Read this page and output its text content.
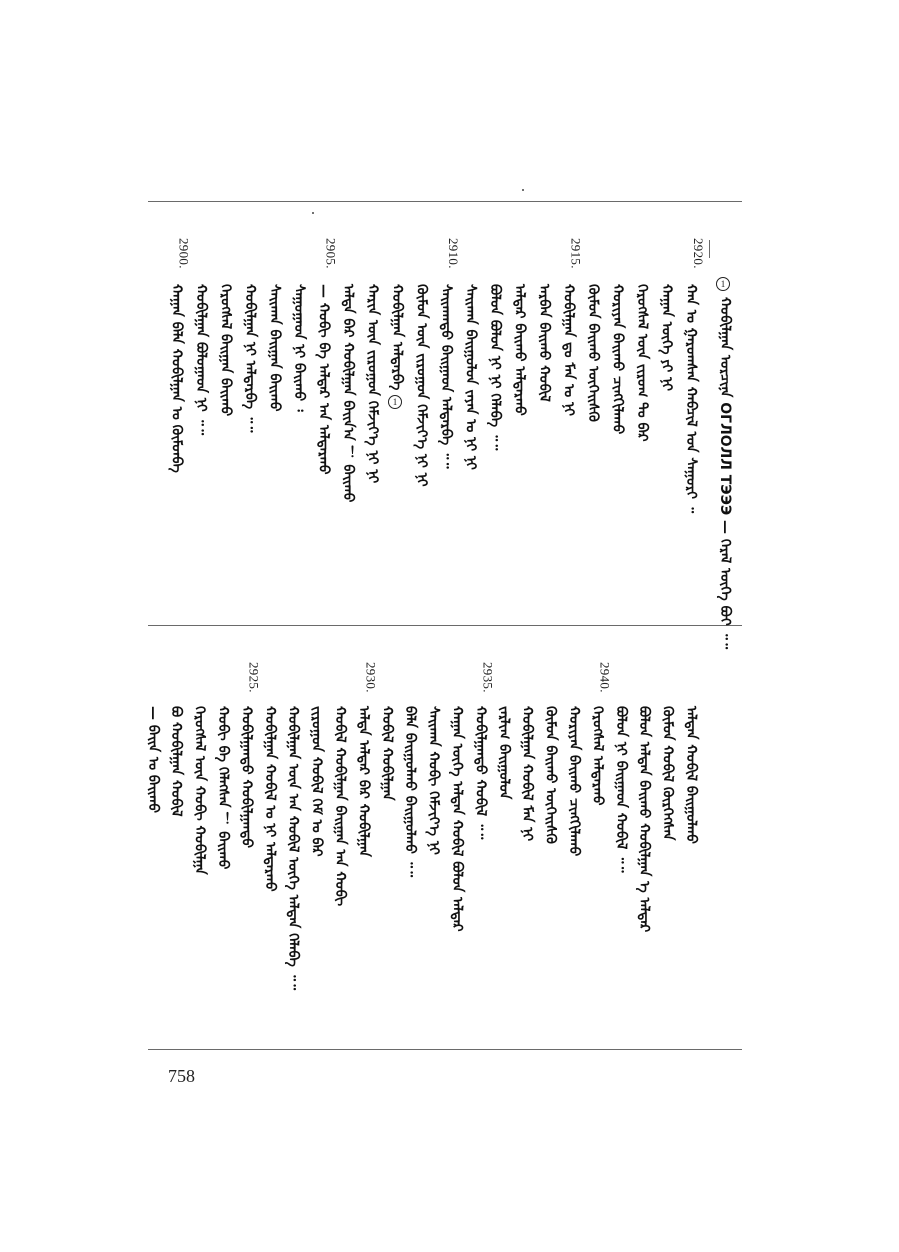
1
ᠬᠤᠪᠢᠯᠭᠠᠨ ᠣᠷᠴᠢᠨᠠ ОГЛОЛЛ ТЭЭЭ — ᠭᠡᠷᠡᠯ ᠦᠭᠡ ᠪᠤᠢ ᠃᠃
2920.
ᠬᠠᠨ ᠤ ᠭᠠᠷᠤᠭᠰᠠᠨ ᠬᠠᠪᠴᠢᠯ ᠤᠨ ᠰᠠᠭᠤᠷᠢ ᠃
ᠬᠠᠭᠠᠨ ᠦᠬᠡ ᠶᠢ ᠨᠢ
ᠬᠡᠷᠦᠭᠰᠡᠯ ᠦᠨ ᠵᠢᠷᠤᠭ ᠲᠤ ᠪᠡᠷ
ᠬᠤᠷᠢᠶᠠᠨ ᠪᠠᠢᠬᠤ ᠴᠢᠩᠬᠢᠯᠠᠬᠤ
ᠬᠦᠮᠦᠨ ᠪᠠᠢᠬᠤ ᠦᠭᠡᠢᠰᠬᠦ
2915.
ᠬᠤᠪᠢᠯᠭᠠᠨ ᠳᠤ ᠮᠠᠨ ᠤ ᠨᠢ
ᠠᠷᠪᠠᠨ ᠪᠠᠢᠬᠤ ᠬᠤᠪᠢᠯ
ᠠᠯᠳᠠᠷ ᠪᠠᠢᠬᠤ ᠠᠯᠳᠠᠷᠬᠤ
ᠪᠤᠯᠤᠨ ᠪᠤᠯᠤᠨ ᠨᠢ ᠨᠢ ᠬᠡᠯᠡᠪᠡ ᠃᠃
ᠰᠠᠢᠬᠠᠨ ᠪᠠᠢᠭᠤᠯᠤᠨ ᠵᠠᠶᠠᠨ ᠤ ᠨᠢ ᠨᠢ
2910.
ᠰᠠᠢᠬᠠᠨᠳᠤ ᠪᠠᠢᠭᠠᠳ ᠠᠯᠳᠠᠷᠪᠠ ᠃᠃
ᠬᠦᠮᠦᠨ ᠦᠨ ᠵᠢᠷᠤᠭᠤᠨ ᠬᠡᠮᠵᠢᠶ᠎ᠡ ᠨᠢ ᠨᠢ
ᠬᠤᠪᠢᠯᠭᠠᠨ ᠠᠯᠳᠠᠷᠪᠠ
1
ᠬᠠᠷᠢᠨ ᠦᠨ ᠵᠢᠷᠤᠭᠤᠨ ᠬᠡᠮᠵᠢᠶ᠎ᠡ ᠨᠢ ᠨᠢ
ᠠᠯᠳᠠ ᠪᠡᠷ ᠬᠤᠪᠢᠯᠭᠠᠨ ᠪᠠᠢᠨ᠎ᠠ ！ ᠪᠠᠢᠬᠤ
2905.
— ᠬᠤᠪᠢ ᠪᠡ ᠠᠯᠳᠠᠷ ᠠᠨ ᠠᠯᠳᠠᠷᠬᠤ
ᠰᠠᠭᠤᠭᠠᠳ ᠨᠢ ᠪᠠᠢᠬᠤ ᠄
ᠰᠠᠢᠬᠠᠨ ᠪᠠᠢᠭᠠᠨ ᠪᠠᠢᠬᠤ
ᠬᠤᠪᠢᠯᠭᠠᠨ ᠨᠢ ᠠᠯᠳᠠᠷᠪᠠ ᠃᠃
ᠬᠡᠷᠦᠭᠰᠡᠯ ᠪᠠᠢᠭᠠᠨ ᠪᠠᠢᠬᠤ
ᠬᠤᠪᠢᠯᠭᠠᠨ ᠪᠤᠯᠤᠭᠠᠳ ᠨᠢ ᠃᠃
2900.
ᠬᠠᠭᠠᠨ ᠪᠡᠯᠡ ᠬᠤᠪᠢᠯᠭᠠᠨ ᠤ ᠬᠦᠮᠦᠨᠪᠡ
ᠠᠯᠳᠠᠨ ᠬᠤᠪᠢᠯ ᠪᠠᠢᠭᠤᠯᠬᠤ
ᠬᠦᠮᠦᠨ ᠬᠤᠪᠢᠯ ᠬᠦᠷᠭᠡᠭᠰᠡᠨ
ᠪᠤᠯᠤᠨ ᠠᠯᠳᠠᠨ ᠪᠠᠢᠬᠤ ᠬᠤᠪᠢᠯᠭᠠᠨ ᠡ ᠠᠯᠳᠠᠷ
ᠪᠤᠯᠤᠨ ᠨᠢ ᠪᠠᠢᠭᠠᠳ ᠬᠤᠪᠢᠯ ᠃᠃
2940.
ᠬᠡᠷᠦᠭᠰᠡᠯ ᠠᠯᠳᠠᠷᠬᠤ
ᠬᠤᠷᠢᠶᠠᠨ ᠪᠠᠢᠬᠤ ᠴᠢᠩᠬᠢᠯᠠᠬᠤ
ᠬᠦᠮᠦᠨ ᠪᠠᠢᠬᠤ ᠦᠭᠡᠢᠰᠬᠦ
ᠬᠤᠪᠢᠯᠭᠠᠨ ᠬᠤᠪᠢᠯ ᠮᠠᠨ ᠨᠢ
ᠵᠠᠷᠯᠢᠭ ᠪᠠᠢᠭᠤᠯᠤᠨ
2935.
ᠬᠤᠪᠢᠯᠭᠠᠨᠳᠤ ᠬᠤᠪᠢᠯ ᠃᠃
ᠬᠠᠭᠠᠨ ᠦᠬᠡ ᠠᠯᠳᠠᠨ ᠬᠤᠪᠢᠯ ᠪᠤᠯᠤᠨ ᠠᠯᠳᠠᠷ
ᠰᠠᠢᠬᠠᠨ ᠬᠤᠪᠢ ᠬᠡᠮᠵᠢᠶ᠎ᠡ ᠨᠢ
ᠪᠡᠯᠡ ᠪᠠᠢᠭᠤᠯᠬᠤ ᠪᠠᠢᠭᠤᠯᠬᠤ ᠃᠃
ᠬᠤᠪᠢᠯ ᠬᠤᠪᠢᠯᠭᠠᠨ
2930.
ᠠᠯᠳᠠ ᠠᠯᠳᠠᠷ ᠪᠡᠷ ᠬᠤᠪᠢᠯᠭᠠᠨ
ᠬᠤᠪᠢᠯ ᠬᠤᠪᠢᠯᠭᠠᠨ ᠪᠠᠢᠭᠠᠨ ᠠᠨ ᠬᠤᠪᠢ
ᠵᠢᠷᠤᠭᠤᠨ ᠬᠤᠪᠢᠯ ᠬᠡᠮ ᠤ ᠪᠡᠷ
ᠬᠤᠪᠢᠯᠭᠠᠨ ᠦᠨ ᠠᠨ ᠬᠤᠪᠢᠯ ᠦᠬᠡ ᠠᠯᠳᠠᠨ ᠬᠡᠯᠡᠪᠡ ᠃᠃
ᠬᠤᠪᠢᠯᠭᠠᠨ ᠬᠤᠪᠢᠯ ᠤ ᠨᠢ ᠠᠯᠳᠠᠷᠬᠤ
2925.
ᠬᠤᠪᠢᠯᠭᠠᠨᠳᠤ ᠬᠤᠪᠢᠯᠭᠠᠨᠳᠤ
ᠬᠤᠪᠢ ᠪᠡ ᠬᠡᠯᠡᠭᠰᠡᠨ ！ ᠪᠠᠢᠬᠤ
ᠬᠡᠷᠦᠭᠰᠡᠯ ᠦᠨ ᠬᠤᠪᠢ ᠬᠤᠪᠢᠯᠭᠠ
ᠪᠤ ᠬᠤᠪᠢᠯᠭᠠᠨ ᠬᠤᠪᠢᠯ
— ᠪᠠᠢᠨ ᠤ ᠪᠠᠢᠬᠤ
758
